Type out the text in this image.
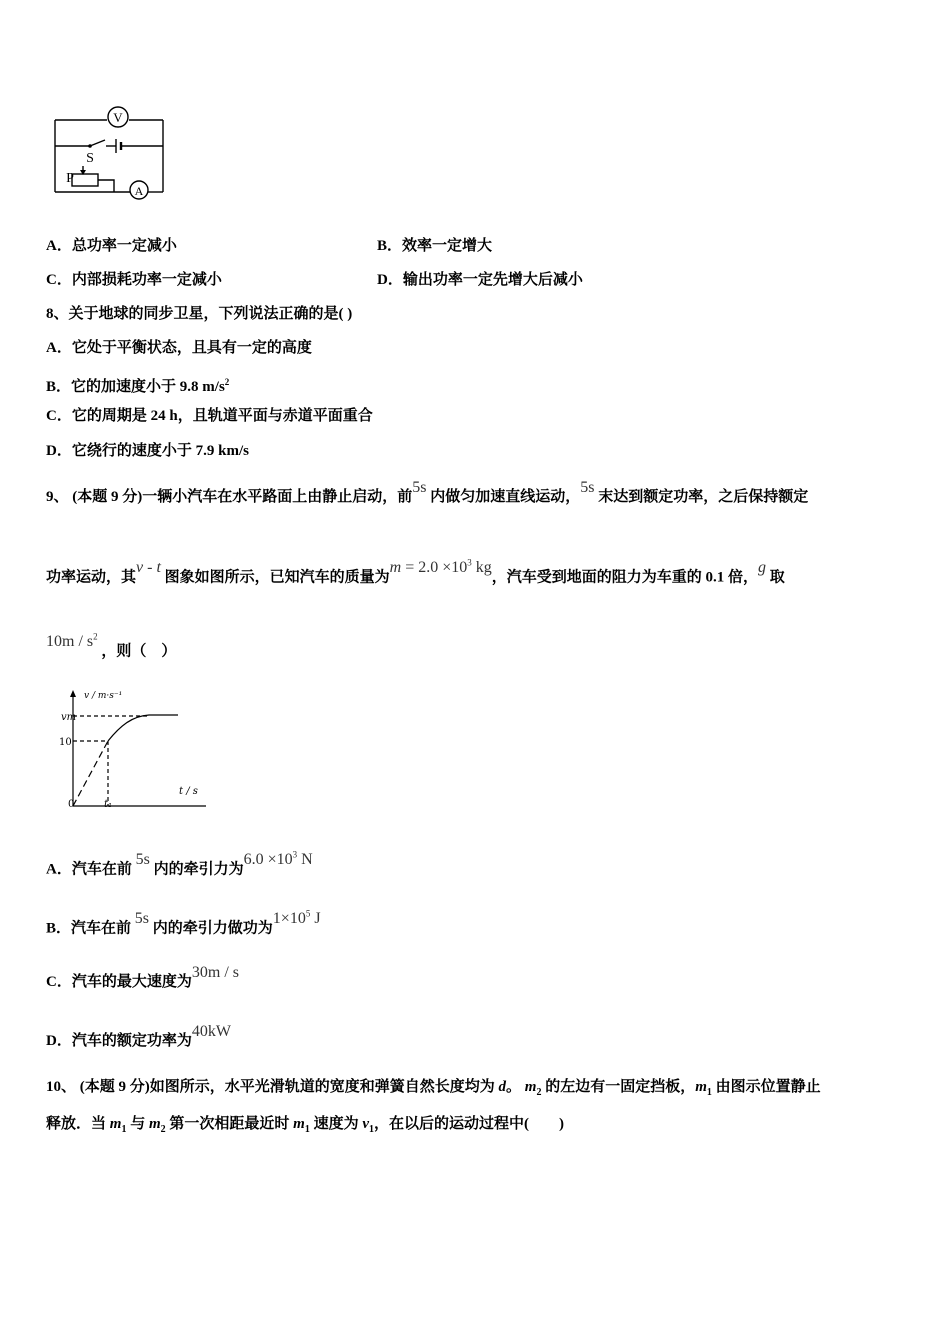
V
S
P
A
A．总功率一定减小	B．效率一定增大
C．内部损耗功率一定减小	D．输出功率一定先增大后减小
8、关于地球的同步卫星，下列说法正确的是( )
A．它处于平衡状态，且具有一定的高度
B．它的加速度小于 9.8 $m/s^2$
C．它的周期是 24 h，且轨道平面与赤道平面重合
D．它绕行的速度小于 7.9 km/s
9、 (本题 9 分)一辆小汽车在水平路面上由静止启动，前5s 内做匀加速直线运动，5s 末达到额定功率，之后保持额定
功率运动，其v - t 图象如图所示，已知汽车的质量为$m = 2.0 \times 10^3$ kg，汽车受到地面的阻力为车重的 0.1 倍，g 取
$10m / s^2$ ，则（　）
v / m·s⁻¹
t / s
vm
10
0	t₁
A．汽车在前 5s 内的牵引力为$6.0 \times 10^3$ N
B．汽车在前 5s 内的牵引力做功为$1\times 10^5$ J
C．汽车的最大速度为30m / s
D．汽车的额定功率为40kW
10、 (本题 9 分)如图所示，水平光滑轨道的宽度和弹簧自然长度均为 d。 $m_2$ 的左边有一固定挡板，$m_1$ 由图示位置静止
释放．当 $m_1$ 与 $m_2$ 第一次相距最近时 $m_1$ 速度为 $v_1$，在以后的运动过程中(　　)
